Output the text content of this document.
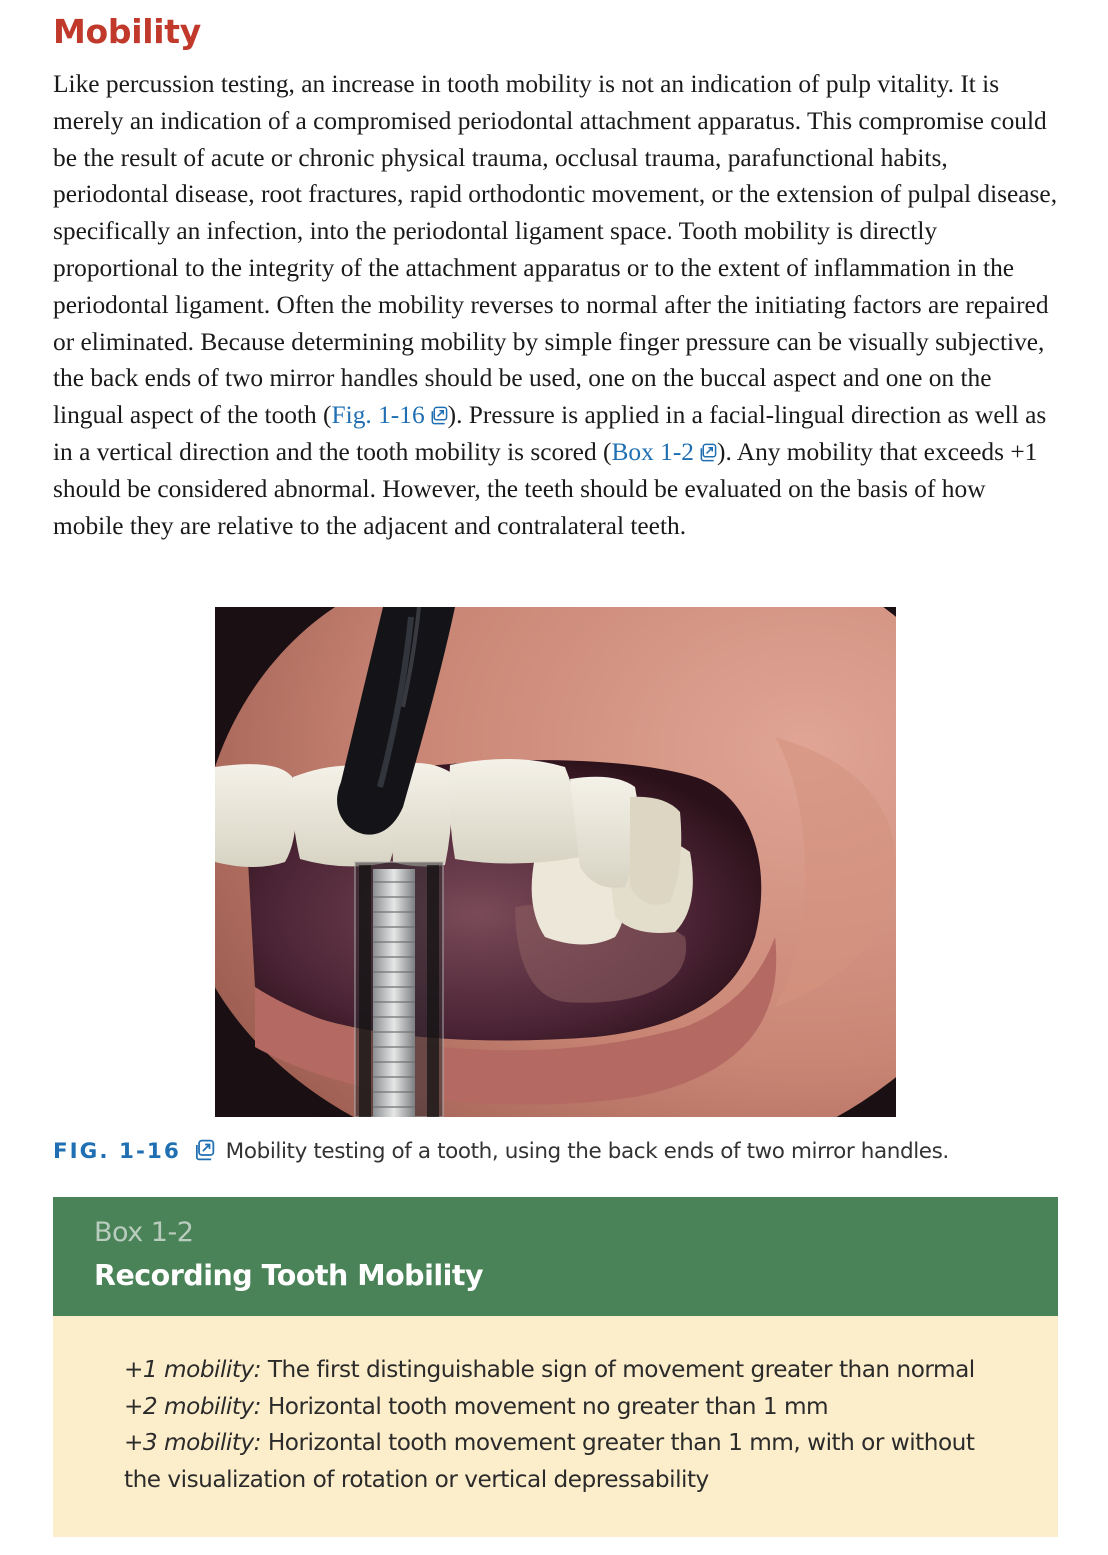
Mobility

Like percussion testing, an increase in tooth mobility is not an indication of pulp vitality. It is merely an indication of a compromised periodontal attachment apparatus. This compromise could be the result of acute or chronic physical trauma, occlusal trauma, parafunctional habits, periodontal disease, root fractures, rapid orthodontic movement, or the extension of pulpal disease, specifically an infection, into the periodontal ligament space. Tooth mobility is directly proportional to the integrity of the attachment apparatus or to the extent of inflammation in the periodontal ligament. Often the mobility reverses to normal after the initiating factors are repaired or eliminated. Because determining mobility by simple finger pressure can be visually subjective, the back ends of two mirror handles should be used, one on the buccal aspect and one on the lingual aspect of the tooth (Fig. 1-16 ). Pressure is applied in a facial-lingual direction as well as in a vertical direction and the tooth mobility is scored (Box 1-2 ). Any mobility that exceeds +1 should be considered abnormal. However, the teeth should be evaluated on the basis of how mobile they are relative to the adjacent and contralateral teeth.

FIG. 1-16 Mobility testing of a tooth, using the back ends of two mirror handles.
Box 1-2
Recording Tooth Mobility

+1 mobility: The first distinguishable sign of movement greater than normal

+2 mobility: Horizontal tooth movement no greater than 1 mm

+3 mobility: Horizontal tooth movement greater than 1 mm, with or without the visualization of rotation or vertical depressability
